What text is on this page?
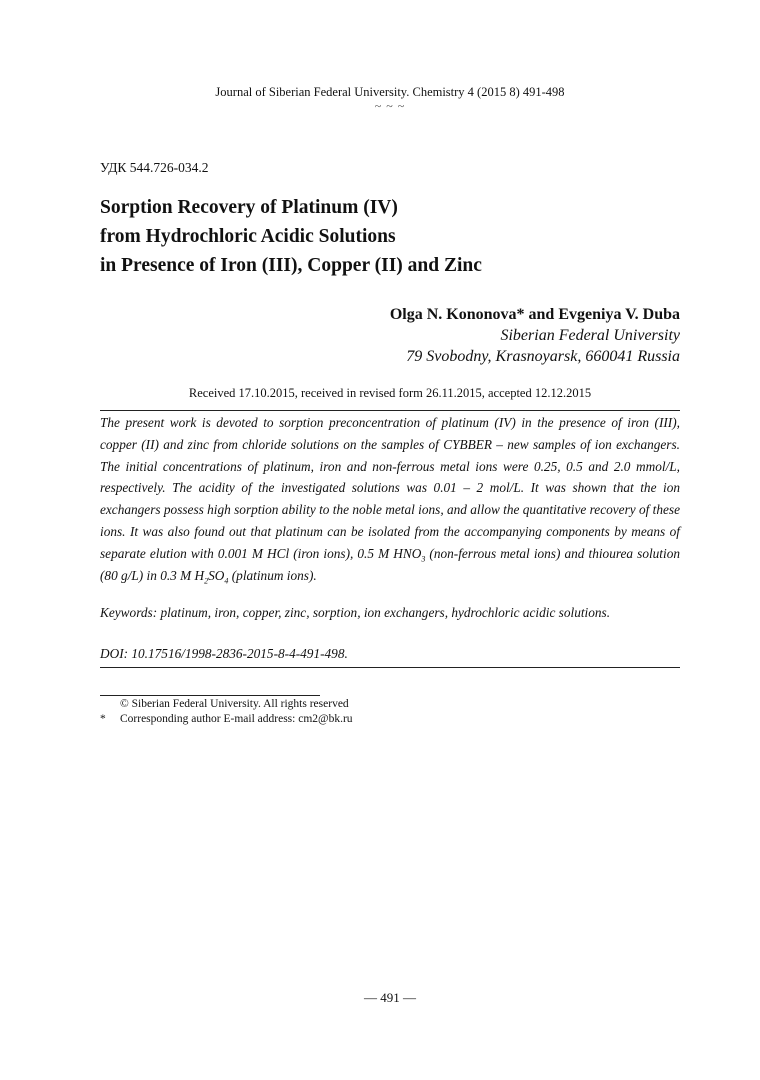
Journal of Siberian Federal University. Chemistry 4 (2015 8) 491-498
~ ~ ~
УДК 544.726-034.2
Sorption Recovery of Platinum (IV)
from Hydrochloric Acidic Solutions
in Presence of Iron (III), Copper (II) and Zinc
Olga N. Kononova* and Evgeniya V. Duba
Siberian Federal University
79 Svobodny, Krasnoyarsk, 660041 Russia
Received 17.10.2015, received in revised form 26.11.2015, accepted 12.12.2015

The present work is devoted to sorption preconcentration of platinum (IV) in the presence of iron (III), copper (II) and zinc from chloride solutions on the samples of CYBBER – new samples of ion exchangers. The initial concentrations of platinum, iron and non-ferrous metal ions were 0.25, 0.5 and 2.0 mmol/L, respectively. The acidity of the investigated solutions was 0.01 – 2 mol/L. It was shown that the ion exchangers possess high sorption ability to the noble metal ions, and allow the quantitative recovery of these ions. It was also found out that platinum can be isolated from the accompanying components by means of separate elution with 0.001 M HCl (iron ions), 0.5 M $HNO_3$ (non-ferrous metal ions) and thiourea solution (80 g/L) in 0.3 M $H_2SO_4$ (platinum ions).

Keywords: platinum, iron, copper, zinc, sorption, ion exchangers, hydrochloric acidic solutions.

DOI: 10.17516/1998-2836-2015-8-4-491-498.

© Siberian Federal University. All rights reserved
* Corresponding author E-mail address: cm2@bk.ru
— 491 —
